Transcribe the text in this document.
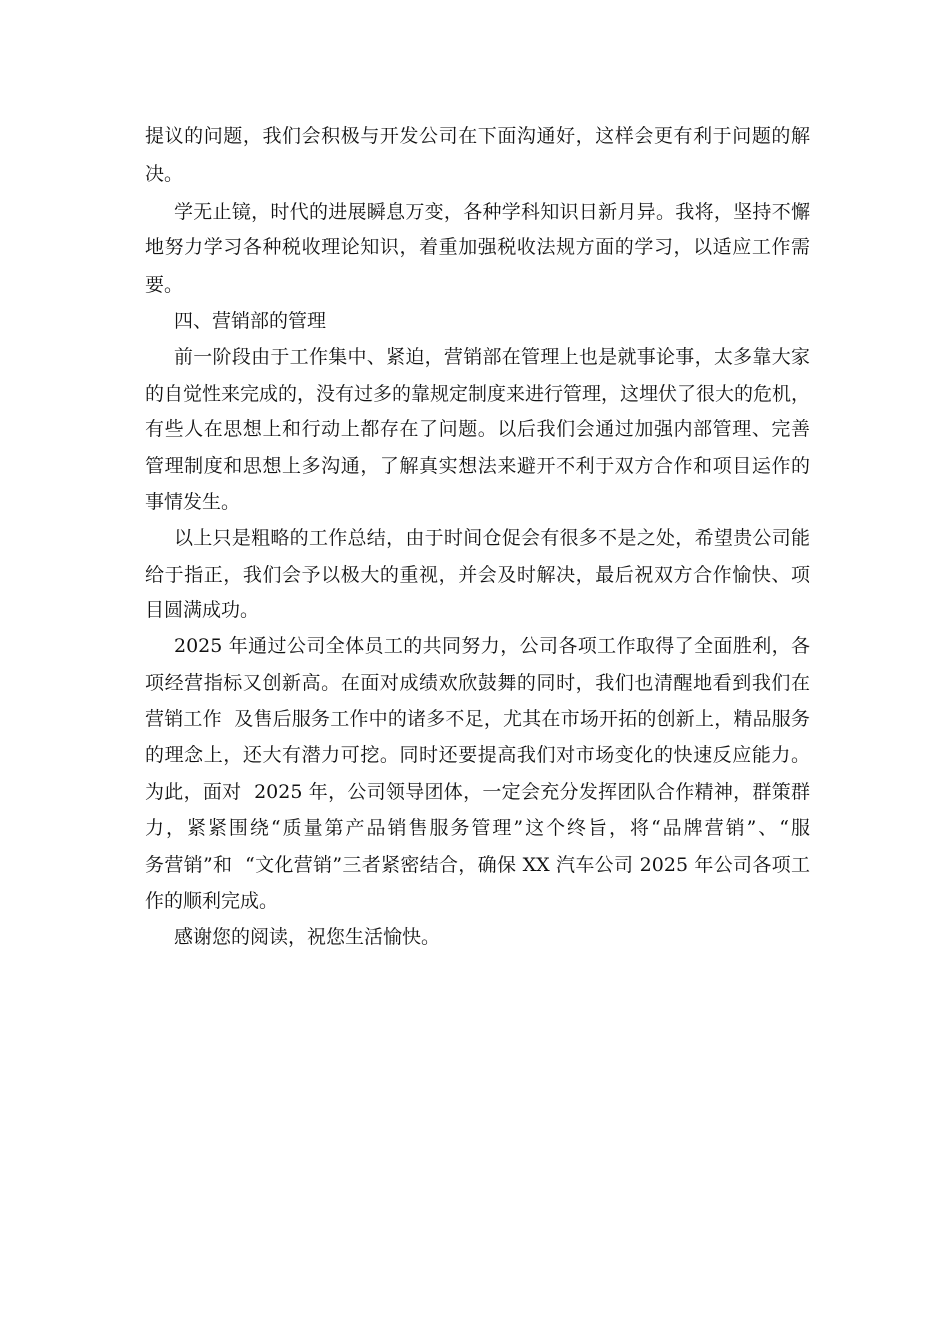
提议的问题，我们会积极与开发公司在下面沟通好，这样会更有利于问题的解
决。
学无止镜，时代的进展瞬息万变，各种学科知识日新月异。我将，坚持不懈
地努力学习各种税收理论知识，着重加强税收法规方面的学习，以适应工作需
要。
四、营销部的管理
前一阶段由于工作集中、紧迫，营销部在管理上也是就事论事，太多靠大家
的自觉性来完成的，没有过多的靠规定制度来进行管理，这埋伏了很大的危机，
有些人在思想上和行动上都存在了问题。以后我们会通过加强内部管理、完善
管理制度和思想上多沟通，了解真实想法来避开不利于双方合作和项目运作的
事情发生。
以上只是粗略的工作总结，由于时间仓促会有很多不是之处，希望贵公司能
给于指正，我们会予以极大的重视，并会及时解决，最后祝双方合作愉快、项
目圆满成功。
2025 年通过公司全体员工的共同努力，公司各项工作取得了全面胜利，各
项经营指标又创新高。在面对成绩欢欣鼓舞的同时，我们也清醒地看到我们在
营销工作  及售后服务工作中的诸多不足，尤其在市场开拓的创新上，精品服务
的理念上，还大有潜力可挖。同时还要提高我们对市场变化的快速反应能力。
为此，面对  2025 年，公司领导团体，一定会充分发挥团队合作精神，群策群
力，紧紧围绕“质量第产品销售服务管理”这个终旨，将“品牌营销”、“服
务营销”和  “文化营销”三者紧密结合，确保 XX 汽车公司 2025 年公司各项工
作的顺利完成。
感谢您的阅读，祝您生活愉快。
